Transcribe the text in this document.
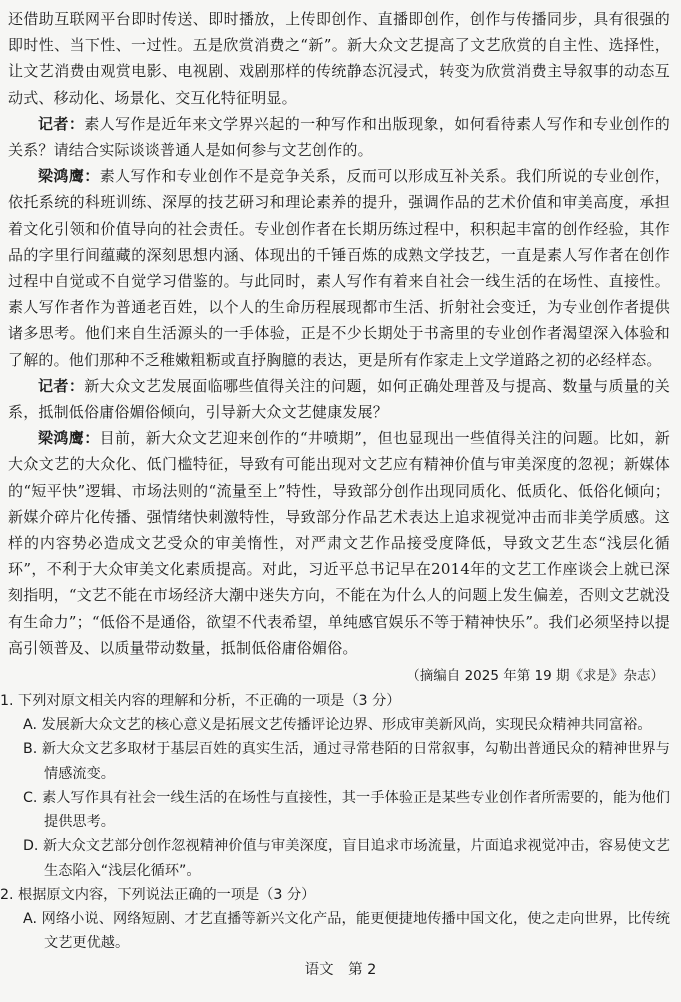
还借助互联网平台即时传送、即时播放，上传即创作、直播即创作，创作与传播同步，具有很强的即时性、当下性、一过性。五是欣赏消费之“新”。新大众文艺提高了文艺欣赏的自主性、选择性，让文艺消费由观赏电影、电视剧、戏剧那样的传统静态沉浸式，转变为欣赏消费主导叙事的动态互动式、移动化、场景化、交互化特征明显。

记者：素人写作是近年来文学界兴起的一种写作和出版现象，如何看待素人写作和专业创作的关系？请结合实际谈谈普通人是如何参与文艺创作的。

梁鸿鹰：素人写作和专业创作不是竞争关系，反而可以形成互补关系。我们所说的专业创作，依托系统的科班训练、深厚的技艺研习和理论素养的提升，强调作品的艺术价值和审美高度，承担着文化引领和价值导向的社会责任。专业创作者在长期历练过程中，积积起丰富的创作经验，其作品的字里行间蕴藏的深刻思想内涵、体现出的千锤百炼的成熟文学技艺，一直是素人写作者在创作过程中自觉或不自觉学习借鉴的。与此同时，素人写作有着来自社会一线生活的在场性、直接性。素人写作者作为普通老百姓，以个人的生命历程展现都市生活、折射社会变迁，为专业创作者提供诸多思考。他们来自生活源头的一手体验，正是不少长期处于书斋里的专业创作者渴望深入体验和了解的。他们那种不乏稚嫩粗粝或直抒胸臆的表达，更是所有作家走上文学道路之初的必经样态。

记者：新大众文艺发展面临哪些值得关注的问题，如何正确处理普及与提高、数量与质量的关系，抵制低俗庸俗媚俗倾向，引导新大众文艺健康发展？

梁鸿鹰：目前，新大众文艺迎来创作的“井喷期”，但也显现出一些值得关注的问题。比如，新大众文艺的大众化、低门槛特征，导致有可能出现对文艺应有精神价值与审美深度的忽视；新媒体的“短平快”逻辑、市场法则的“流量至上”特性，导致部分创作出现同质化、低质化、低俗化倾向；新媒介碎片化传播、强情绪快刺激特性，导致部分作品艺术表达上追求视觉冲击而非美学质感。这样的内容势必造成文艺受众的审美惰性，对严肃文艺作品接受度降低，导致文艺生态“浅层化循环”，不利于大众审美文化素质提高。对此，习近平总书记早在2014年的文艺工作座谈会上就已深刻指明，“文艺不能在市场经济大潮中迷失方向，不能在为什么人的问题上发生偏差，否则文艺就没有生命力”；“低俗不是通俗，欲望不代表希望，单纯感官娱乐不等于精神快乐”。我们必须坚持以提高引领普及、以质量带动数量，抵制低俗庸俗媚俗。

（摘编自 2025 年第 19 期《求是》杂志）

1. 下列对原文相关内容的理解和分析，不正确的一项是（3 分）

A. 发展新大众文艺的核心意义是拓展文艺传播评论边界、形成审美新风尚，实现民众精神共同富裕。

B. 新大众文艺多取材于基层百姓的真实生活，通过寻常巷陌的日常叙事，勾勒出普通民众的精神世界与情感流变。

C. 素人写作具有社会一线生活的在场性与直接性，其一手体验正是某些专业创作者所需要的，能为他们提供思考。

D. 新大众文艺部分创作忽视精神价值与审美深度，盲目追求市场流量，片面追求视觉冲击，容易使文艺生态陷入“浅层化循环”。

2. 根据原文内容，下列说法正确的一项是（3 分）

A. 网络小说、网络短剧、才艺直播等新兴文化产品，能更便捷地传播中国文化，使之走向世界，比传统文艺更优越。

语文　第 2
